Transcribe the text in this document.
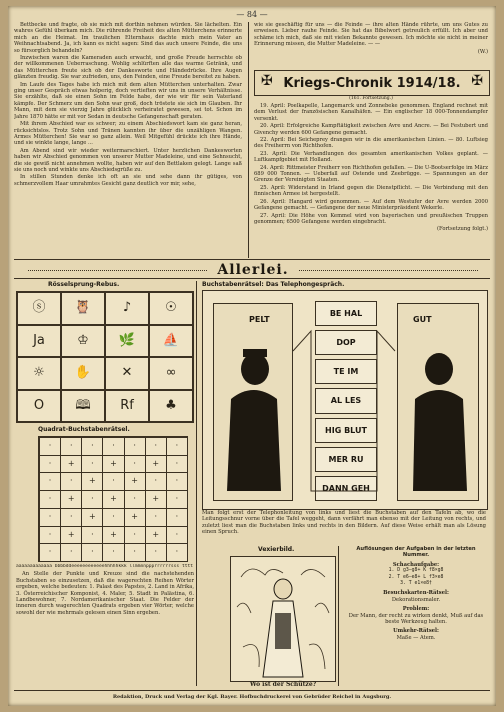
— 84 —

Bettbecke und fragte, ob sie mich mit dorthin nehmen würden. Sie lächelten. Ein wahres Gefühl überkam mich. Die rührende Freiheit des alten Mütterchens erinnerte mich an die Heimat. Im traulichen Elternhaus dachte mich mein Vater an Weihnachtsabend. Ja, ich kann es nicht sagen: Sind das auch unsere Feinde, die uns so fürsorglich behandeln?

Inzwischen waren die Kameraden auch erwacht, und große Freude herrschte ob der willkommenen Ueberraschung. Wohlig schlürften alle das warme Getränk, und das Mütterchen freute sich ob der Dankesworte und Händedrücke. Ihre Augen glänzten freudig. Sie war zufrieden, uns, den Feinden, eine Freude bereitet zu haben.

Im Laufe des Tages habe ich mich mit dem alten Mütterchen unterhalten. Zwar ging unser Gespräch etwas holperig, doch vertieften wir uns in unsere Verhältnisse. Sie erzählte, daß sie einen Sohn im Felde habe, der wie wir für sein Vaterland kämpfe. Der Schmerz um den Sohn war groß, doch tröstete sie sich im Glauben. Ihr Mann, mit dem sie vierzig Jahre glücklich verheiratet gewesen, sei tot. Schon im Jahre 1870 hätte er mit vor Sedan in deutsche Gefangenschaft geraten.

Mit ihrem Abschied war es schwer; zu einem Abschiedswort kam sie ganz heran, rücksichtslos. Trotz Sohn und Tränen kannten ihr über die unzähligen Wangen. Armes Mütterchen! Sie war so ganz allein. Weil Mitgefühl drückte ich ihre Hände, und sie winkte lange, lange ...

Am Abend sind wir wieder weitermarschiert. Unter herzlichen Dankesworten haben wir Abschied genommen von unserer Mutter Madeleine, und eine Sehnsucht, die sie gewiß nicht annehmen wollte, haben wir auf den Bettlaken gelegt. Lange saß sie uns noch und winkte uns Abschiedsgrüße zu.

In stillen Stunden denke ich oft an sie und sehe dann ihr gütiges, von schmerzvollem Haar umrahmtes Gesicht ganz deutlich vor mir, sehe,

wie sie geschäftig für uns — die Feinde — ihre alten Hände rührte, um uns Gutes zu erweisen. Lieber rauhe Feinde. Sie hat das Bibelwort getreulich erfüllt. Ich aber und schäme ich mich, daß sie mit vielen Bekannte gewesen. Ich möchte sie nicht in meiner Erinnerung missen, die Mutter Madeleine. — —

(W.)
✠ Kriegs-Chronik 1914/18. ✠
(161. Fortsetzung.)

19. April: Poelkapelle, Langemarck und Zonnebeke genommen. England rechnet mit dem Verlust der französischen Kanalhäfen. — Ein englischer 18 000-Tonnendampfer versenkt.

20. April: Erfolgreiche Kampftätigkeit zwischen Avre und Ancre. — Bei Festubert und Givenchy werden 600 Gefangene gemacht.

22. April: Bei Seicheprey drangen wir in die amerikanischen Linien. — 80. Luftsieg des Freiherrn von Richthofen.

23. April: Die Verhandlungen des gesamten amerikanischen Volkes geplant. — Luftkampfgebiet mit Holland.

24. April: Rittmeister Freiherr von Richthofen gefallen. — Die U-Bootserfolge im März 689 000 Tonnen. — Ueberfall auf Ostende und Zeebrügge. — Spannungen an der Grenze der Vereinigten Staaten.

25. April: Widerstand in Irland gegen die Dienstpflicht. — Die Verbindung mit den finnischen Armee ist hergestellt.

26. April: Hangard wird genommen. — Auf dem Westufer der Avre werden 2000 Gefangene gemacht. — Gefangene der neue Ministerpräsident Wekerle.

27. April: Die Höhe von Kemmel wird von bayerischen und preußischen Truppen genommen; 6500 Gefangene werden eingebracht.

(Fortsetzung folgt.)
Allerlei.
Rösselsprung-Rebus.
ⓢ	🦉	♪	☉
Ja	♔	🌿	⛵
☼	✋	✕	∞
O	🕮	Rf	♣
Quadrat-Buchstabenrätsel.
·	·	·	·	·	·	·
·	+	·	+	·	+	·
·	·	+	·	+	·	·
·	+	·	+	·	+	·
·	·	+	·	+	·	·
·	+	·	+	·	+	·
·	·	·	·	·	·	·

aaaaaaaaaaaaa bbbbddeeeeeeeeeeeehhhhhkkk llmmnnppprrrrrrsss tttt

An Stelle der Punkte und Kreuze sind die nachstehenden Buchstaben so einzusetzen, daß die wagerechten Reihen Wörter ergeben, welche bedeuten: 1. Palast des Papstes, 2. Land in Afrika, 3. Österreichischer Komponist, 4. Maler, 5. Stadt in Palästina, 6. Landbewohner, 7. Nordamerikanischer Staat. Die Felder der inneren durch wagerechten Quadrats ergeben vier Wörter, welche sowohl der wie mehrmals gelesen einen Sinn ergeben.

Buchstabenrätsel: Das Telephongespräch.
PELT	GUT
BE HAL
DOP
TE IM
AL LES
HIG BLUT
MER RU
DANN GEH
Man folgt erst der Telephonleitung von links und liest die Buchstaben auf den Tafeln ab, wo die Leitungsschnur vorne über die Tafel weggeht, dann verfährt man ebenso mit der Leitung von rechts, und zuletzt liest man die Buchstaben links und rechts in den Bildern. Auf diese Weise erhält man als Lösung einen Spruch.
Vexierbild.
Wo ist der Schütze?
Auflösungen der Aufgaben in der letzten Nummer.
Schachaufgabe:
1. D g3—g8+ K f8×g8
2. T e6—e8+ L f3×e8
3. T e1×e8†
Besuchskarten-Rätsel:
Dekorationsmaler.
Problem:
Der Mann, der recht zu wirken denkt, Muß auf das beste Werkzeug halten.
Umkehr-Rätsel:
Maße — Atem.
Redaktion, Druck und Verlag der Kgl. Bayer. Hofbuchdruckerei von Gebrüder Reichel in Augsburg.
